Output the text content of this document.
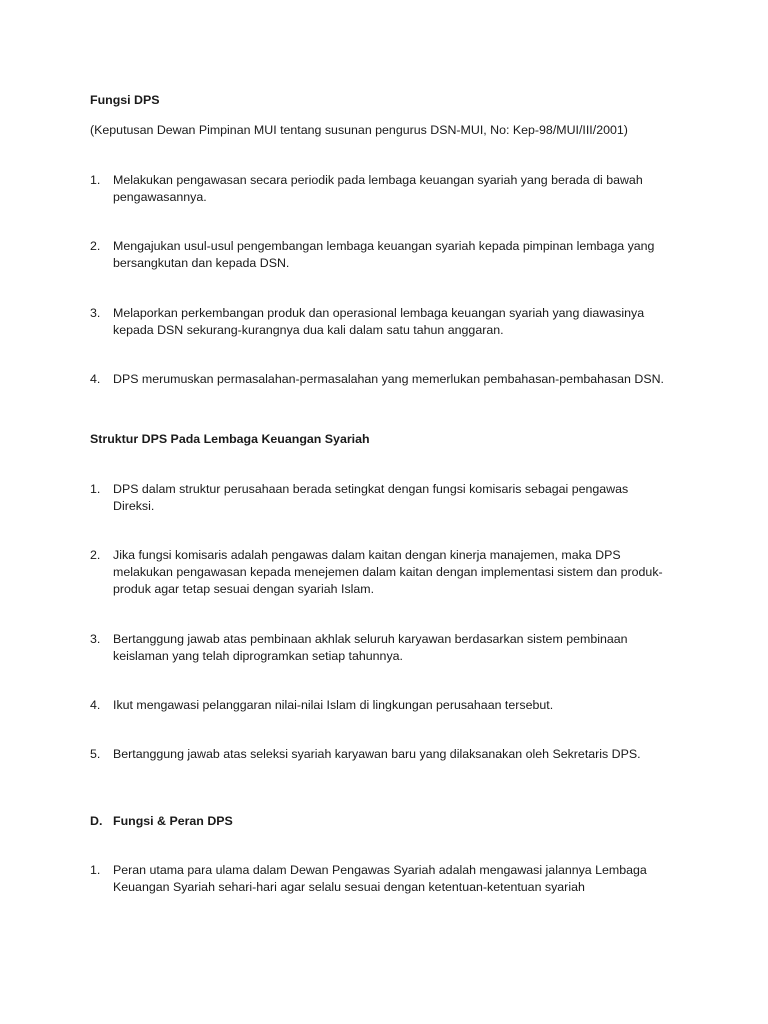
Fungsi DPS
(Keputusan Dewan Pimpinan MUI tentang susunan pengurus DSN-MUI, No: Kep-98/MUI/III/2001)
1. Melakukan pengawasan secara periodik pada lembaga keuangan syariah yang berada di bawah
pengawasannya.
2. Mengajukan usul-usul pengembangan lembaga keuangan syariah kepada pimpinan lembaga yang
bersangkutan dan kepada DSN.
3. Melaporkan perkembangan produk dan operasional lembaga keuangan syariah yang diawasinya
kepada DSN sekurang-kurangnya dua kali dalam satu tahun anggaran.
4. DPS merumuskan permasalahan-permasalahan yang memerlukan pembahasan-pembahasan DSN.
Struktur DPS Pada Lembaga Keuangan Syariah
1. DPS dalam struktur perusahaan berada setingkat dengan fungsi komisaris sebagai pengawas
Direksi.
2. Jika fungsi komisaris adalah pengawas dalam kaitan dengan kinerja manajemen, maka DPS
melakukan pengawasan kepada menejemen dalam kaitan dengan implementasi sistem dan produk-
produk agar tetap sesuai dengan syariah Islam.
3. Bertanggung jawab atas pembinaan akhlak seluruh karyawan berdasarkan sistem pembinaan
keislaman yang telah diprogramkan setiap tahunnya.
4. Ikut mengawasi pelanggaran nilai-nilai Islam di lingkungan perusahaan tersebut.
5. Bertanggung jawab atas seleksi syariah karyawan baru yang dilaksanakan oleh Sekretaris DPS.
D. Fungsi & Peran DPS
1. Peran utama para ulama dalam Dewan Pengawas Syariah adalah mengawasi jalannya Lembaga
Keuangan Syariah sehari-hari agar selalu sesuai dengan ketentuan-ketentuan syariah
